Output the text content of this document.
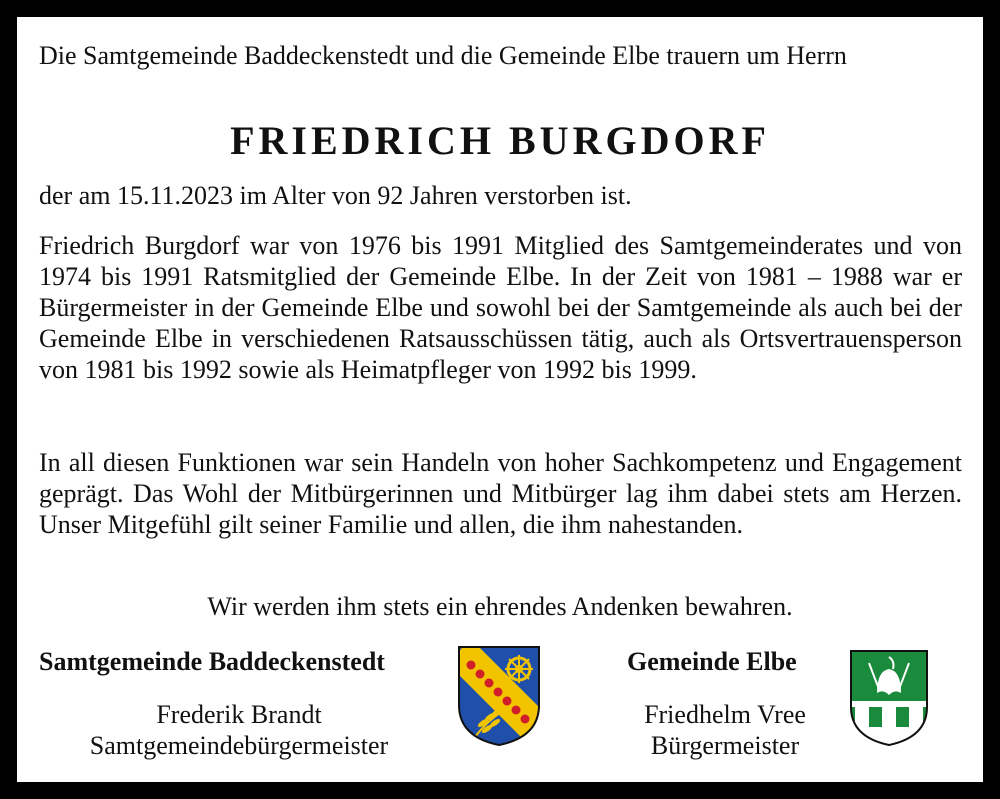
Die Samtgemeinde Baddeckenstedt und die Gemeinde Elbe trauern um Herrn

FRIEDRICH BURGDORF

der am 15.11.2023 im Alter von 92 Jahren verstorben ist.

Friedrich Burgdorf war von 1976 bis 1991 Mitglied des Samtgemeinderates und von 1974 bis 1991 Ratsmitglied der Gemeinde Elbe. In der Zeit von 1981 – 1988 war er Bürgermeister in der Gemeinde Elbe und sowohl bei der Samtgemeinde als auch bei der Gemeinde Elbe in verschiedenen Ratsausschüssen tätig, auch als Ortsvertrauensperson von 1981 bis 1992 sowie als Heimatpfleger von 1992 bis 1999.

In all diesen Funktionen war sein Handeln von hoher Sachkompetenz und Engagement geprägt. Das Wohl der Mitbürgerinnen und Mitbürger lag ihm dabei stets am Herzen. Unser Mitgefühl gilt seiner Familie und allen, die ihm nahestanden.

Wir werden ihm stets ein ehrendes Andenken bewahren.

Samtgemeinde Baddeckenstedt

Frederik Brandt

Samtgemeindebürgermeister

Gemeinde Elbe

Friedhelm Vree

Bürgermeister
